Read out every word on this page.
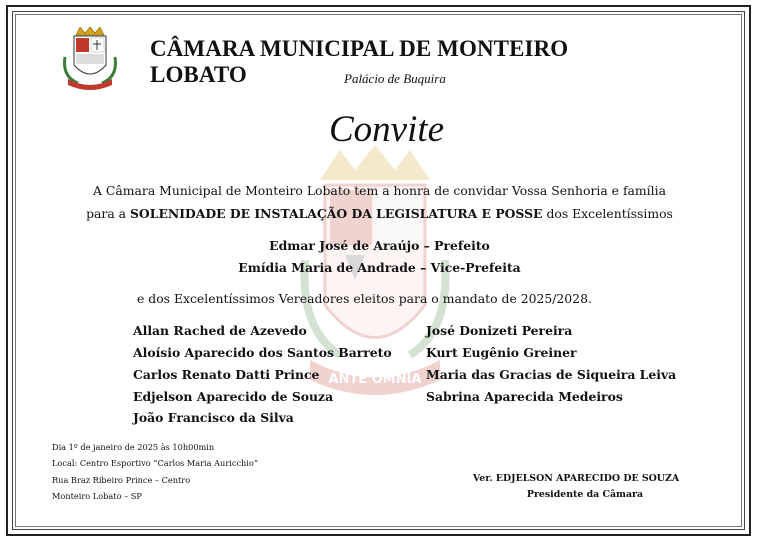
ANTE OMNIA
CÂMARA MUNICIPAL DE MONTEIRO LOBATO	Palácio de Buquira
Convite
A Câmara Municipal de Monteiro Lobato tem a honra de convidar Vossa Senhoria e família
para a SOLENIDADE DE INSTALAÇÃO DA LEGISLATURA E POSSE dos Excelentíssimos
Edmar José de Araújo – Prefeito
Emídia Maria de Andrade – Vice-Prefeita
e dos Excelentíssimos Vereadores eleitos para o mandato de 2025/2028.
Allan Rached de Azevedo
Aloísio Aparecido dos Santos Barreto
Carlos Renato Datti Prince
Edjelson Aparecido de Souza
João Francisco da Silva
José Donizeti Pereira
Kurt Eugênio Greiner
Maria das Gracias de Siqueira Leiva
Sabrina Aparecida Medeiros
Dia 1º de janeiro de 2025 às 10h00min
Local: Centro Esportivo “Carlos Maria Auricchio”
Rua Braz Ribeiro Prince – Centro
Monteiro Lobato – SP
Ver. EDJELSON APARECIDO DE SOUZA
Presidente da Câmara
